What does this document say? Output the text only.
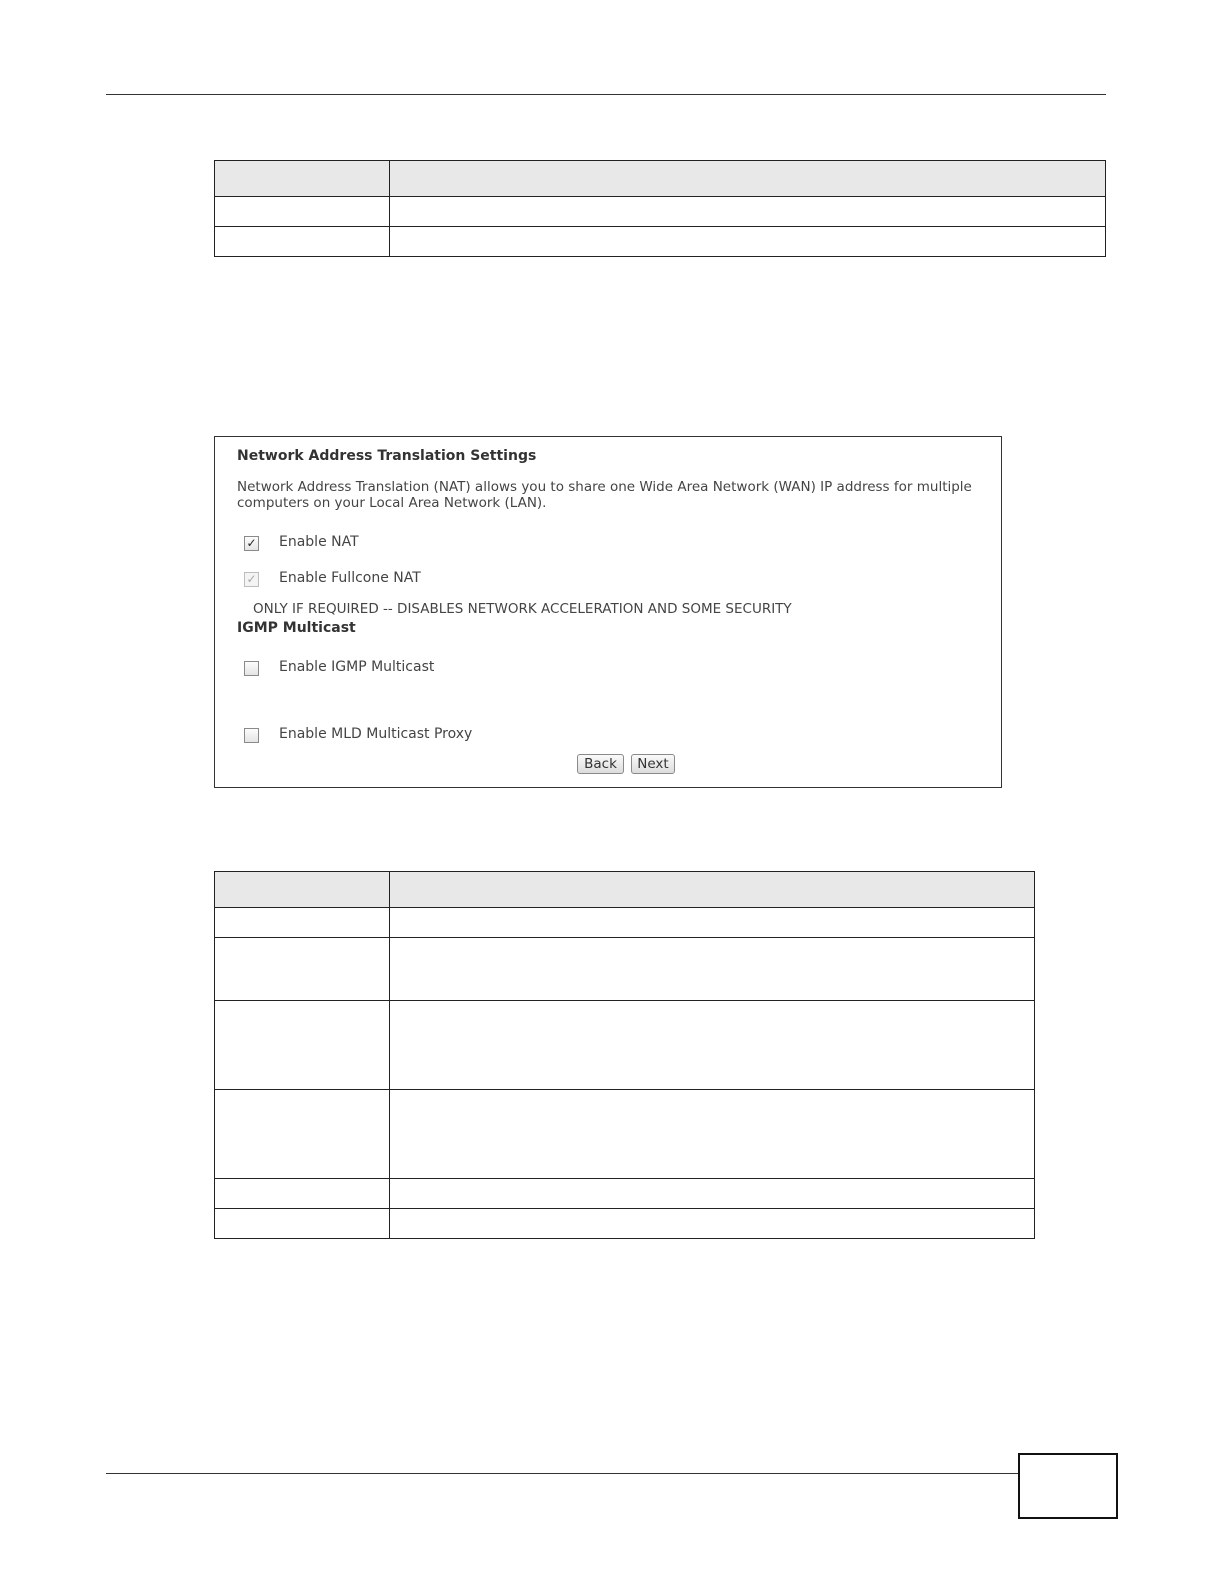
Network Address Translation Settings
Network Address Translation (NAT) allows you to share one Wide Area Network (WAN) IP address for multiple computers on your Local Area Network (LAN).
✓ Enable NAT
✓ Enable Fullcone NAT
ONLY IF REQUIRED -- DISABLES NETWORK ACCELERATION AND SOME SECURITY
IGMP Multicast
Enable IGMP Multicast
Enable MLD Multicast Proxy
Back	Next
